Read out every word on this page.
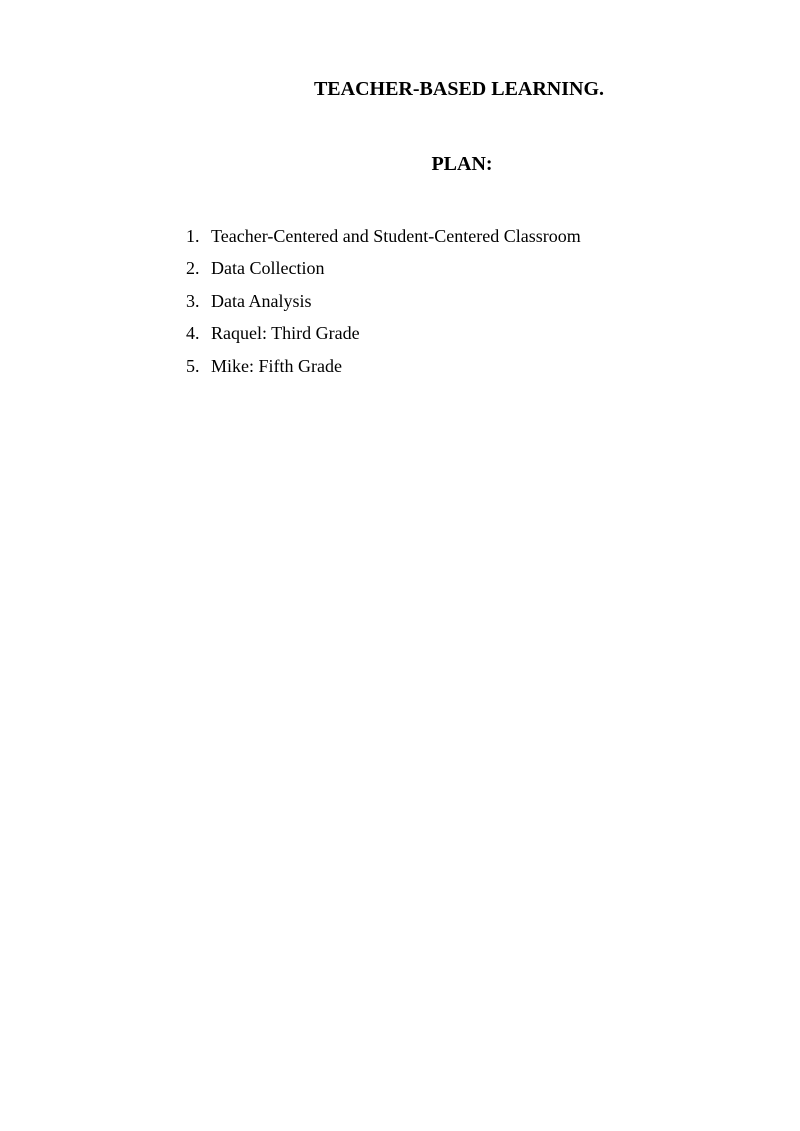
TEACHER-BASED LEARNING.
PLAN:
1. Teacher-Centered and Student-Centered Classroom
2. Data Collection
3. Data Analysis
4. Raquel: Third Grade
5. Mike: Fifth Grade
